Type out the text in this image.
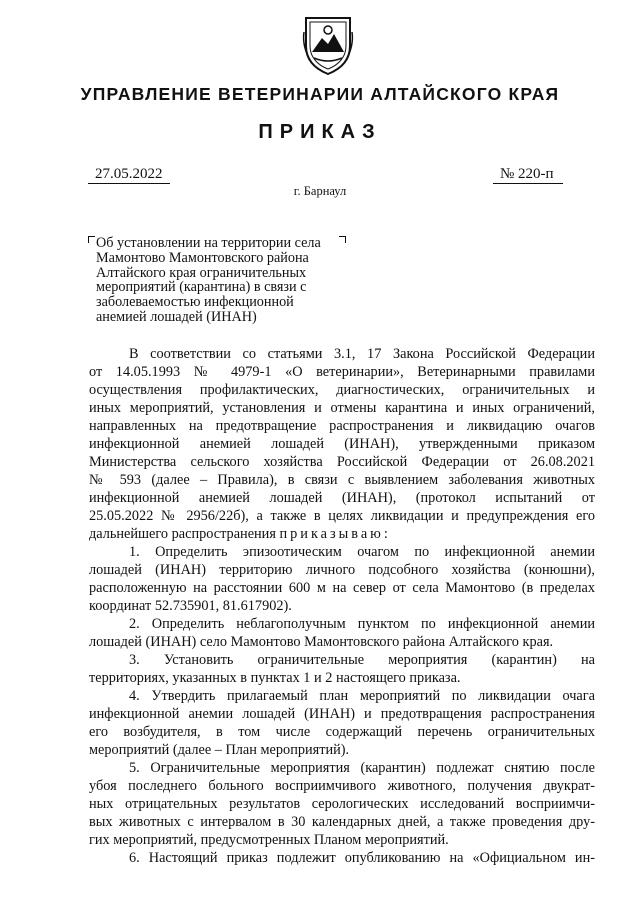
УПРАВЛЕНИЕ ВЕТЕРИНАРИИ АЛТАЙСКОГО КРАЯ
ПРИКАЗ
27.05.2022	№ 220-п
г. Барнаул
Об установлении на территории села
Мамонтово Мамонтовского района
Алтайского края ограничительных
мероприятий (карантина) в связи с
заболеваемостью инфекционной
анемией лошадей (ИНАН)
В соответствии со статьями 3.1, 17 Закона Российской Федерации
от 14.05.1993 № 4979-1 «О ветеринарии», Ветеринарными правилами
осуществления профилактических, диагностических, ограничительных и
иных мероприятий, установления и отмены карантина и иных ограничений,
направленных на предотвращение распространения и ликвидацию очагов
инфекционной анемией лошадей (ИНАН), утвержденными приказом
Министерства сельского хозяйства Российской Федерации от 26.08.2021
№ 593 (далее – Правила), в связи с выявлением заболевания животных
инфекционной анемией лошадей (ИНАН), (протокол испытаний от
25.05.2022 № 2956/22б), а также в целях ликвидации и предупреждения его
дальнейшего распространения приказываю:
1. Определить эпизоотическим очагом по инфекционной анемии
лошадей (ИНАН) территорию личного подсобного хозяйства (конюшни),
расположенную на расстоянии 600 м на север от села Мамонтово (в пределах
координат 52.735901, 81.617902).
2. Определить неблагополучным пунктом по инфекционной анемии
лошадей (ИНАН) село Мамонтово Мамонтовского района Алтайского края.
3. Установить ограничительные мероприятия (карантин) на
территориях, указанных в пунктах 1 и 2 настоящего приказа.
4. Утвердить прилагаемый план мероприятий по ликвидации очага
инфекционной анемии лошадей (ИНАН) и предотвращения распространения
его возбудителя, в том числе содержащий перечень ограничительных
мероприятий (далее – План мероприятий).
5. Ограничительные мероприятия (карантин) подлежат снятию после
убоя последнего больного восприимчивого животного, получения двукрат-
ных отрицательных результатов серологических исследований восприимчи-
вых животных с интервалом в 30 календарных дней, а также проведения дру-
гих мероприятий, предусмотренных Планом мероприятий.
6. Настоящий приказ подлежит опубликованию на «Официальном ин-
